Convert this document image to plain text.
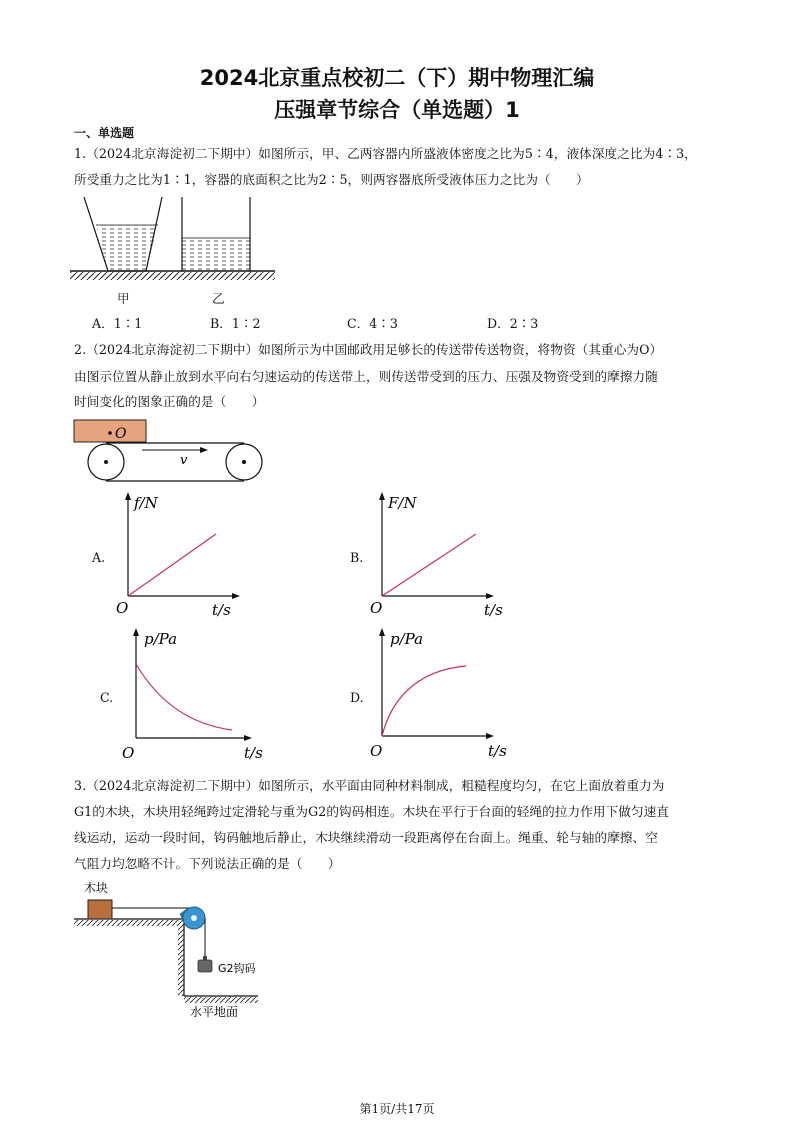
2024北京重点校初二（下）期中物理汇编
压强章节综合（单选题）1
一、单选题
1.（2024北京海淀初二下期中）如图所示，甲、乙两容器内所盛液体密度之比为5∶4，液体深度之比为4∶3，
所受重力之比为1∶1，容器的底面积之比为2∶5，则两容器底所受液体压力之比为（　　）
甲	乙
A．1∶1	B．1∶2	C．4∶3	D．2∶3
2.（2024北京海淀初二下期中）如图所示为中国邮政用足够长的传送带传送物资，将物资（其重心为O）
由图示位置从静止放到水平向右匀速运动的传送带上，则传送带受到的压力、压强及物资受到的摩擦力随
时间变化的图象正确的是（　　）
O
v
A.	B.
C.	D.
f/N
O	t/s
F/N
O	t/s
p/Pa
O	t/s
p/Pa
O	t/s
3.（2024北京海淀初二下期中）如图所示，水平面由同种材料制成，粗糙程度均匀，在它上面放着重力为
G1的木块，木块用轻绳跨过定滑轮与重为G2的钩码相连。木块在平行于台面的轻绳的拉力作用下做匀速直
线运动，运动一段时间，钩码触地后静止，木块继续滑动一段距离停在台面上。绳重、轮与轴的摩擦、空
气阻力均忽略不计。下列说法正确的是（　　）
木块
G2钩码
水平地面
第1页/共17页
